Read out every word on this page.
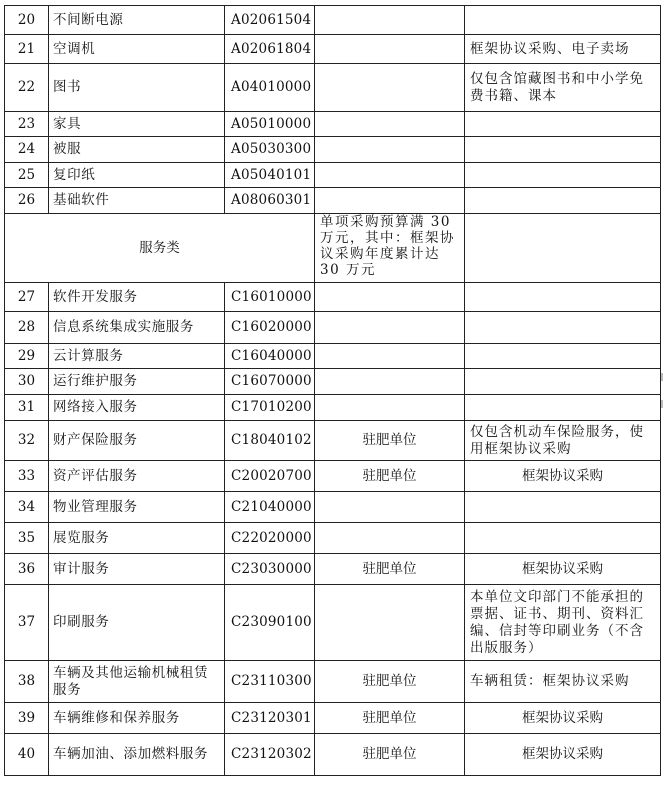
20	不间断电源	A02061504		
21	空调机	A02061804		框架协议采购、电子卖场
22	图书	A04010000		仅包含馆藏图书和中小学免费书籍、课本
23	家具	A05010000		
24	被服	A05030300		
25	复印纸	A05040101		
26	基础软件	A08060301		
服务类			单项采购预算满 30 万元，其中：框架协议采购年度累计达 30 万元	
27	软件开发服务	C16010000		
28	信息系统集成实施服务	C16020000		
29	云计算服务	C16040000		
30	运行维护服务	C16070000		
31	网络接入服务	C17010200		
32	财产保险服务	C18040102	驻肥单位	仅包含机动车保险服务，使用框架协议采购
33	资产评估服务	C20020700	驻肥单位	框架协议采购
34	物业管理服务	C21040000		
35	展览服务	C22020000		
36	审计服务	C23030000	驻肥单位	框架协议采购
37	印刷服务	C23090100		本单位文印部门不能承担的票据、证书、期刊、资料汇编、信封等印刷业务（不含出版服务）
38	车辆及其他运输机械租赁服务	C23110300	驻肥单位	车辆租赁：框架协议采购
39	车辆维修和保养服务	C23120301	驻肥单位	框架协议采购
40	车辆加油、添加燃料服务	C23120302	驻肥单位	框架协议采购
